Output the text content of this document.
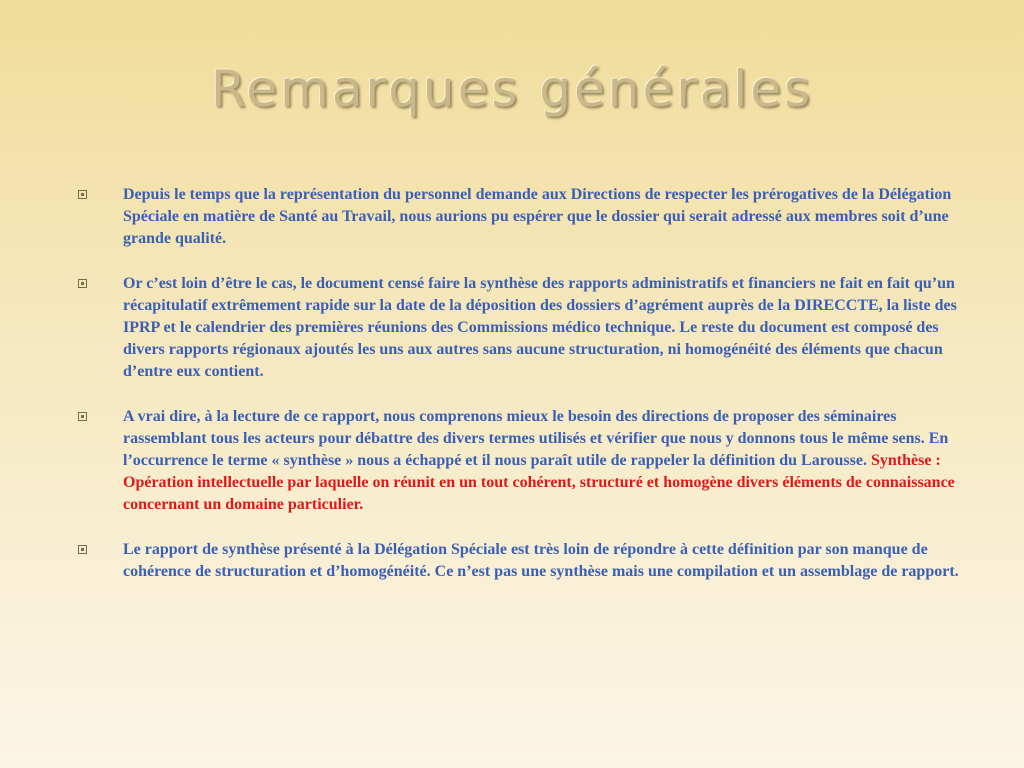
Remarques générales

Depuis le temps que la représentation du personnel demande aux Directions de respecter les prérogatives de la Délégation Spéciale en matière de Santé au Travail, nous aurions pu espérer que le dossier qui serait adressé aux membres soit d’une grande qualité.

Or c’est loin d’être le cas, le document censé faire la synthèse des rapports administratifs et financiers ne fait en fait qu’un récapitulatif extrêmement rapide sur la date de la déposition des dossiers d’agrément auprès de la DIRECCTE, la liste des IPRP et le calendrier des premières réunions des Commissions médico technique. Le reste du document est composé des divers rapports régionaux ajoutés les uns aux autres sans aucune structuration, ni homogénéité des éléments que chacun d’entre eux contient.

A vrai dire, à la lecture de ce rapport, nous comprenons mieux le besoin des directions de proposer des séminaires rassemblant tous les acteurs pour débattre des divers termes utilisés et vérifier que nous y donnons tous le même sens. En l’occurrence le terme « synthèse » nous a échappé et il nous paraît utile de rappeler la définition du Larousse. Synthèse : Opération intellectuelle par laquelle on réunit en un tout cohérent, structuré et homogène divers éléments de connaissance concernant un domaine particulier.

Le rapport de synthèse présenté à la Délégation Spéciale est très loin de répondre à cette définition par son manque de cohérence de structuration et d’homogénéité. Ce n’est pas une synthèse mais une compilation et un assemblage de rapport.
